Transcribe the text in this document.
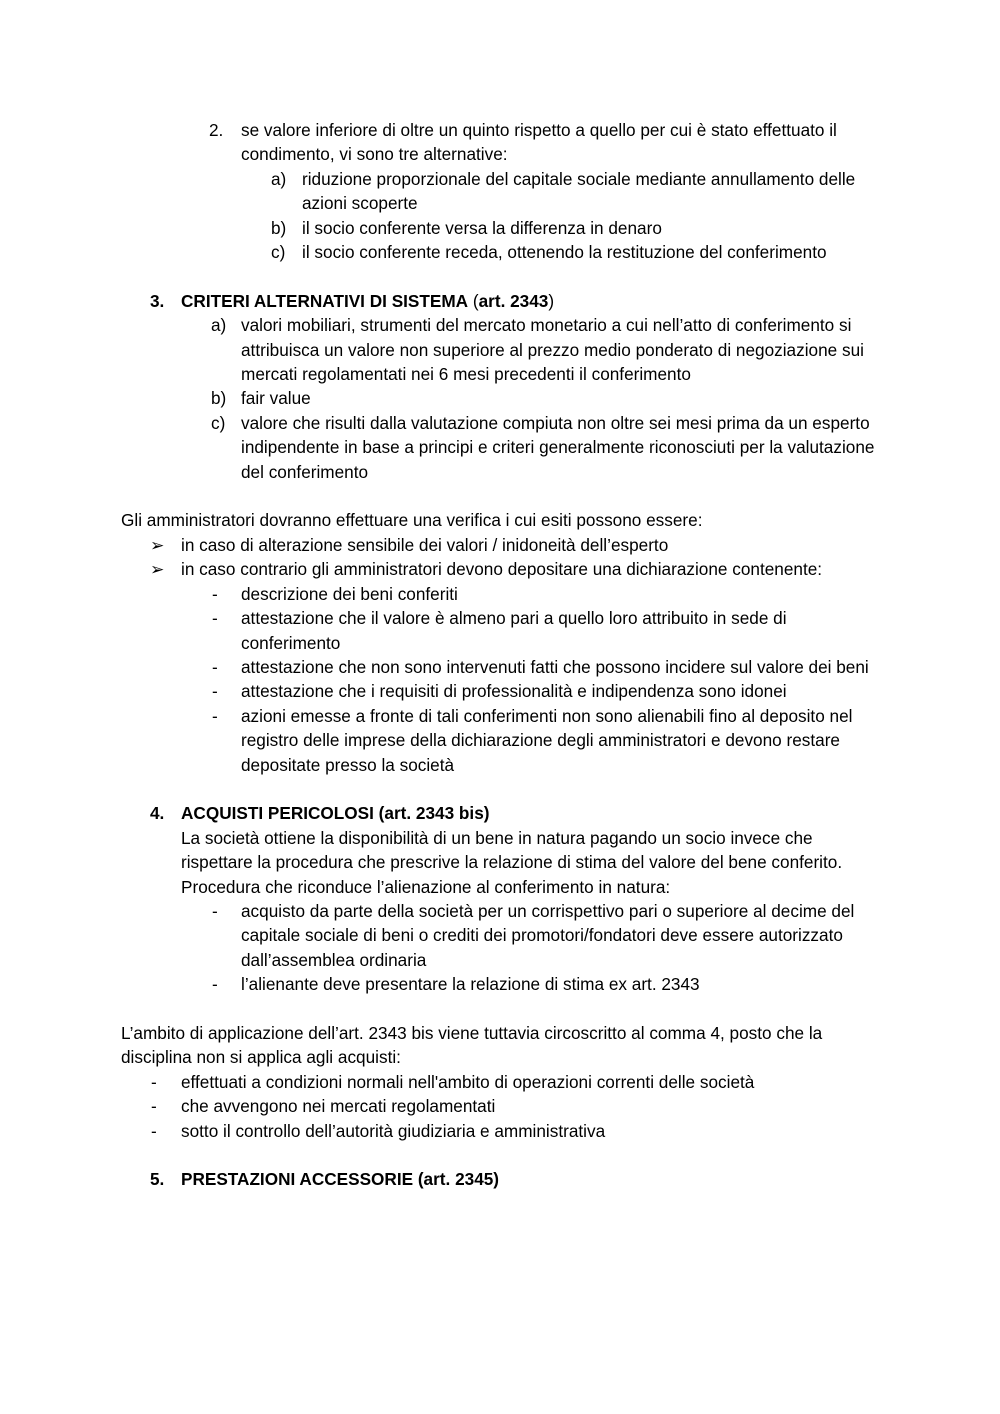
2. se valore inferiore di oltre un quinto rispetto a quello per cui è stato effettuato il condimento, vi sono tre alternative:
a) riduzione proporzionale del capitale sociale mediante annullamento delle azioni scoperte
b) il socio conferente versa la differenza in denaro
c) il socio conferente receda, ottenendo la restituzione del conferimento
3. CRITERI ALTERNATIVI DI SISTEMA (art. 2343)
a) valori mobiliari, strumenti del mercato monetario a cui nell’atto di conferimento si attribuisca un valore non superiore al prezzo medio ponderato di negoziazione sui mercati regolamentati nei 6 mesi precedenti il conferimento
b) fair value
c) valore che risulti dalla valutazione compiuta non oltre sei mesi prima da un esperto indipendente in base a principi e criteri generalmente riconosciuti per la valutazione del conferimento
Gli amministratori dovranno effettuare una verifica i cui esiti possono essere:
➢ in caso di alterazione sensibile dei valori / inidoneità dell’esperto
➢ in caso contrario gli amministratori devono depositare una dichiarazione contenente:
- descrizione dei beni conferiti
- attestazione che il valore è almeno pari a quello loro attribuito in sede di conferimento
- attestazione che non sono intervenuti fatti che possono incidere sul valore dei beni
- attestazione che i requisiti di professionalità e indipendenza sono idonei
- azioni emesse a fronte di tali conferimenti non sono alienabili fino al deposito nel registro delle imprese della dichiarazione degli amministratori e devono restare depositate presso la società
4. ACQUISTI PERICOLOSI (art. 2343 bis)
La società ottiene la disponibilità di un bene in natura pagando un socio invece che rispettare la procedura che prescrive la relazione di stima del valore del bene conferito.
Procedura che riconduce l’alienazione al conferimento in natura:
- acquisto da parte della società per un corrispettivo pari o superiore al decime del capitale sociale di beni o crediti dei promotori/fondatori deve essere autorizzato dall’assemblea ordinaria
- l’alienante deve presentare la relazione di stima ex art. 2343
L’ambito di applicazione dell’art. 2343 bis viene tuttavia circoscritto al comma 4, posto che la disciplina non si applica agli acquisti:
- effettuati a condizioni normali nell'ambito di operazioni correnti delle società
- che avvengono nei mercati regolamentati
- sotto il controllo dell’autorità giudiziaria e amministrativa
5. PRESTAZIONI ACCESSORIE (art. 2345)
